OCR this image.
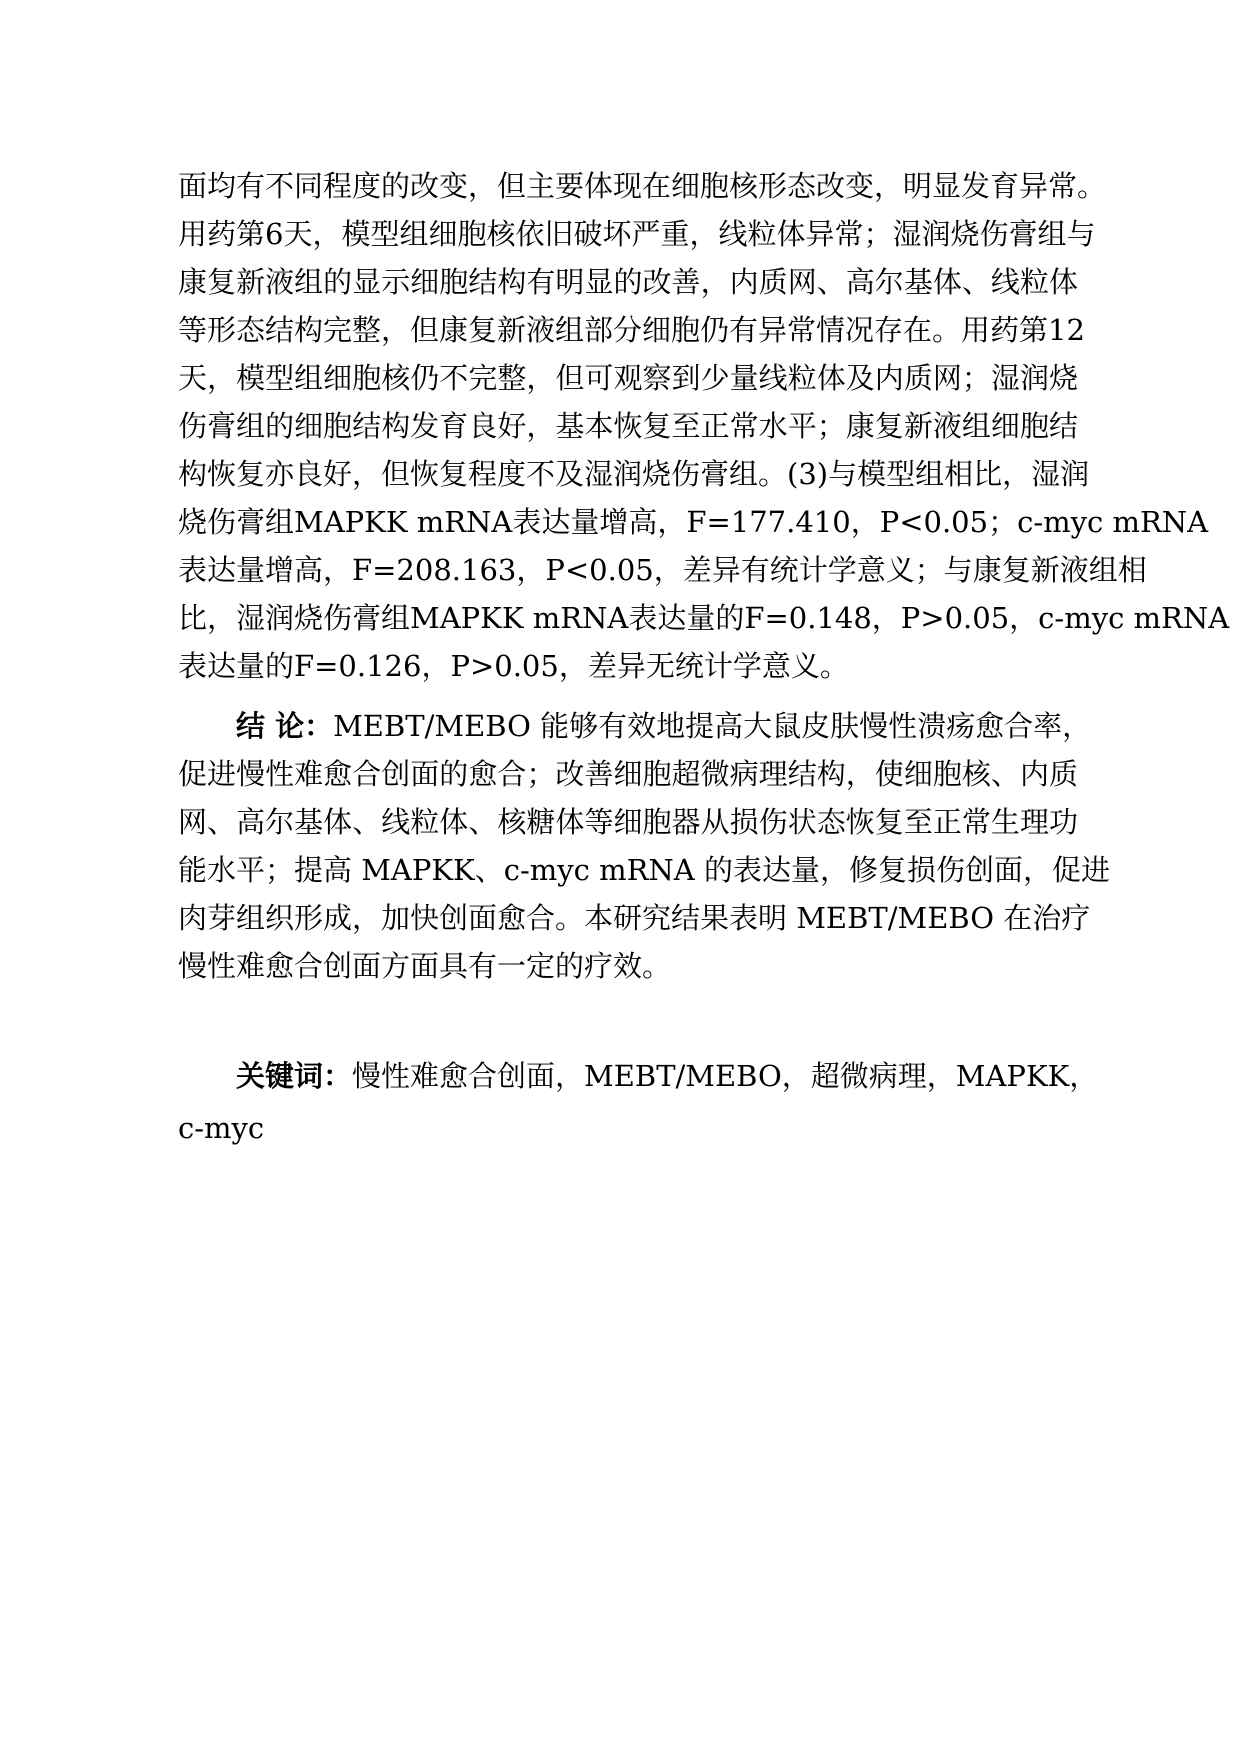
面均有不同程度的改变，但主要体现在细胞核形态改变，明显发育异常。
用药第6天，模型组细胞核依旧破坏严重，线粒体异常；湿润烧伤膏组与
康复新液组的显示细胞结构有明显的改善，内质网、高尔基体、线粒体
等形态结构完整，但康复新液组部分细胞仍有异常情况存在。用药第12
天，模型组细胞核仍不完整，但可观察到少量线粒体及内质网；湿润烧
伤膏组的细胞结构发育良好，基本恢复至正常水平；康复新液组细胞结
构恢复亦良好，但恢复程度不及湿润烧伤膏组。(3)与模型组相比，湿润
烧伤膏组MAPKK mRNA表达量增高，F=177.410，P<0.05；c-myc mRNA
表达量增高，F=208.163，P<0.05，差异有统计学意义；与康复新液组相
比，湿润烧伤膏组MAPKK mRNA表达量的F=0.148，P>0.05，c-myc mRNA
表达量的F=0.126，P>0.05，差异无统计学意义。
结 论：MEBT/MEBO 能够有效地提高大鼠皮肤慢性溃疡愈合率，
促进慢性难愈合创面的愈合；改善细胞超微病理结构，使细胞核、内质
网、高尔基体、线粒体、核糖体等细胞器从损伤状态恢复至正常生理功
能水平；提高 MAPKK、c-myc mRNA 的表达量，修复损伤创面，促进
肉芽组织形成，加快创面愈合。本研究结果表明 MEBT/MEBO 在治疗
慢性难愈合创面方面具有一定的疗效。
关键词：慢性难愈合创面，MEBT/MEBO，超微病理，MAPKK，
c-myc
